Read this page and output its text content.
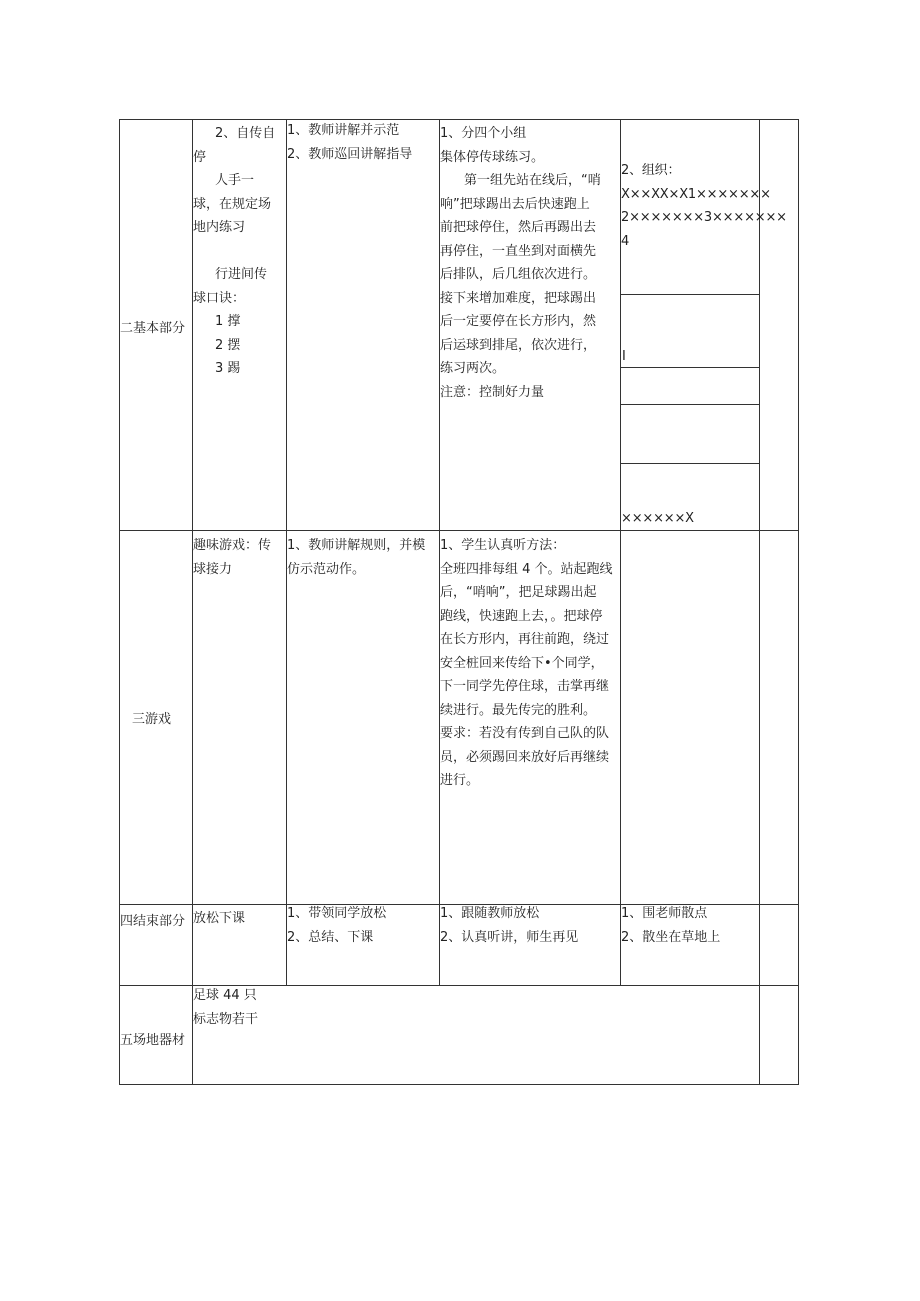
二基本部分

2、自传自

停

人手一

球，在规定场

地内练习

行进间传

球口诀：

1 撑

2 摆

3 踢

1、教师讲解并示范

2、教师巡回讲解指导

1、分四个小组

集体停传球练习。

第一组先站在线后，“哨

响”把球踢出去后快速跑上

前把球停住，然后再踢出去

再停住，一直坐到对面横先

后排队，后几组依次进行。

接下来增加难度，把球踢出

后一定要停在长方形内，然

后运球到排尾，依次进行，

练习两次。

注意：控制好力量

2、组织：

X××XX×X1×××××××

2×××××××3×××××××

4

I
××××××X
三游戏

趣味游戏：传

球接力

1、教师讲解规则，并模

仿示范动作。

1、学生认真听方法：

全班四排每组 4 个。站起跑线

后，“哨响”，把足球踢出起

跑线，快速跑上去，。把球停

在长方形内，再往前跑，绕过

安全桩回来传给下•个同学，

下一同学先停住球，击掌再继

续进行。最先传完的胜利。

要求：若没有传到自己队的队

员，必须踢回来放好后再继续

进行。

四结束部分 放松下课	1、带领同学放松

2、总结、下课

1、跟随教师放松

2、认真听讲，师生再见

1、围老师散点

2、散坐在草地上

五场地器材

足球 44 只

标志物若干
